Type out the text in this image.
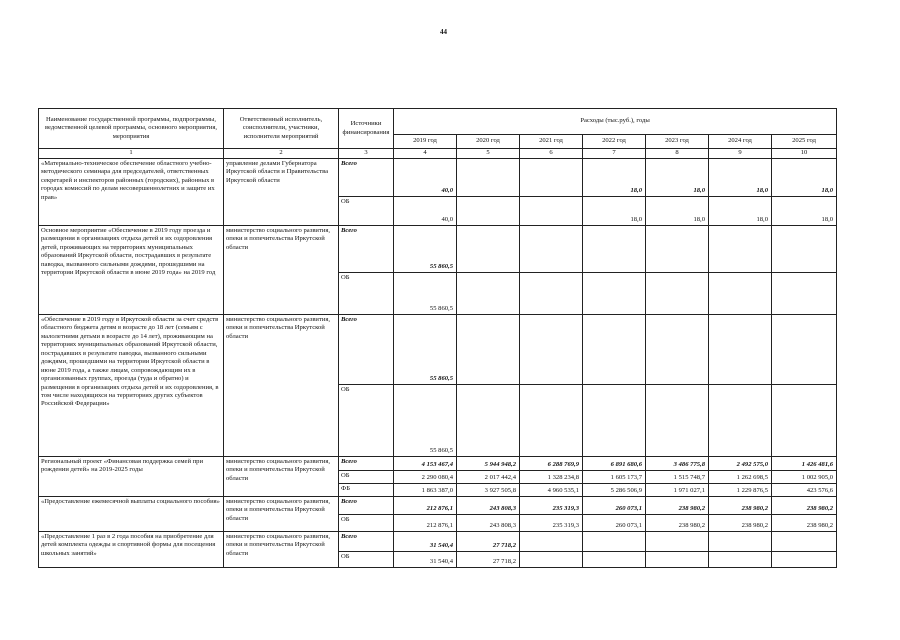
44
Наименование государственной программы, подпрограммы, ведомственной целевой программы, основного мероприятия, мероприятия	Ответственный исполнитель, соисполнители, участники, исполнители мероприятий	Источники финансирования	Расходы (тыс.руб.), годы						
			2019 год	2020 год	2021 год	2022 год	2023 год	2024 год	2025 год
1	2	3	4	5	6	7	8	9	10
«Материально-техническое обеспечение областного учебно-методического семинара для председателей, ответственных секретарей и инспекторов районных (городских), районных в городах комиссий по делам несовершеннолетних и защите их прав»	управление делами Губернатора Иркутской области и Правительства Иркутской области	Всего	40,0			18,0	18,0	18,0	18,0
		ОБ	40,0			18,0	18,0	18,0	18,0
Основное мероприятие «Обеспечение в 2019 году проезда и размещения в организациях отдыха детей и их оздоровления детей, проживающих на территориях муниципальных образований Иркутской области, пострадавших в результате паводка, вызванного сильными дождями, прошедшими на территории Иркутской области в июне 2019 года» на 2019 год	министерство социального развития, опеки и попечительства Иркутской области	Всего	55 860,5						
		ОБ	55 860,5						
«Обеспечение в 2019 году в Иркутской области за счет средств областного бюджета детям в возрасте до 18 лет (семьям с малолетними детьми в возрасте до 14 лет), проживающим на территориях муниципальных образований Иркутской области, пострадавших в результате паводка, вызванного сильными дождями, прошедшими на территории Иркутской области в июне 2019 года, а также лицам, сопровождающим их в организованных группах, проезда (туда и обратно) и размещения в организациях отдыха детей и их оздоровления, в том числе находящихся на территориях других субъектов Российской Федерации»	министерство социального развития, опеки и попечительства Иркутской области	Всего	55 860,5						
		ОБ	55 860,5						
Региональный проект «Финансовая поддержка семей при рождении детей» на 2019-2025 годы	министерство социального развития, опеки и попечительства Иркутской области	Всего	4 153 467,4	5 944 948,2	6 288 769,9	6 891 680,6	3 486 775,8	2 492 575,0	1 426 481,6
		ОБ	2 290 080,4	2 017 442,4	1 328 234,8	1 605 173,7	1 515 748,7	1 262 698,5	1 002 905,0
		ФБ	1 863 387,0	3 927 505,8	4 960 535,1	5 286 506,9	1 971 027,1	1 229 876,5	423 576,6
«Предоставление ежемесячной выплаты социального пособия»	министерство социального развития, опеки и попечительства Иркутской области	Всего	212 876,1	243 808,3	235 319,3	260 073,1	238 980,2	238 980,2	238 980,2
		ОБ	212 876,1	243 808,3	235 319,3	260 073,1	238 980,2	238 980,2	238 980,2
«Предоставление 1 раз в 2 года пособия на приобретение для детей комплекта одежды и спортивной формы для посещения школьных занятий»	министерство социального развития, опеки и попечительства Иркутской области	Всего	31 540,4	27 718,2					
		ОБ	31 540,4	27 718,2					
